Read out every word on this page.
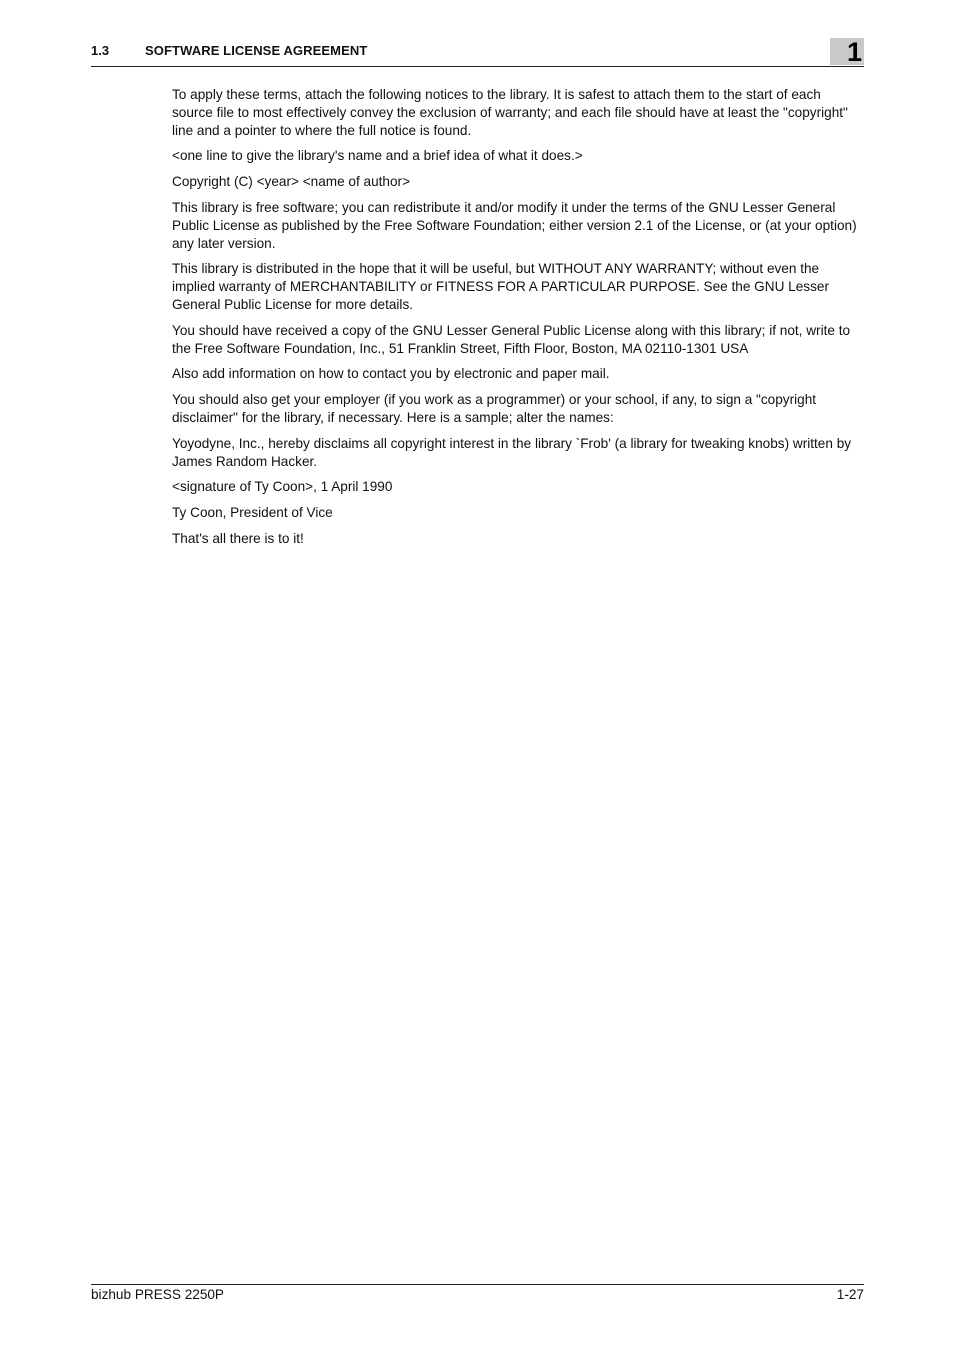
1.3	SOFTWARE LICENSE AGREEMENT	1

To apply these terms, attach the following notices to the library. It is safest to attach them to the start of each source file to most effectively convey the exclusion of warranty; and each file should have at least the "copyright" line and a pointer to where the full notice is found.

<one line to give the library's name and a brief idea of what it does.>

Copyright (C) <year> <name of author>

This library is free software; you can redistribute it and/or modify it under the terms of the GNU Lesser General Public License as published by the Free Software Foundation; either version 2.1 of the License, or (at your option) any later version.

This library is distributed in the hope that it will be useful, but WITHOUT ANY WARRANTY; without even the implied warranty of MERCHANTABILITY or FITNESS FOR A PARTICULAR PURPOSE. See the GNU Lesser General Public License for more details.

You should have received a copy of the GNU Lesser General Public License along with this library; if not, write to the Free Software Foundation, Inc., 51 Franklin Street, Fifth Floor, Boston, MA 02110-1301 USA

Also add information on how to contact you by electronic and paper mail.

You should also get your employer (if you work as a programmer) or your school, if any, to sign a "copyright disclaimer" for the library, if necessary. Here is a sample; alter the names:

Yoyodyne, Inc., hereby disclaims all copyright interest in the library `Frob' (a library for tweaking knobs) written by James Random Hacker.

<signature of Ty Coon>, 1 April 1990

Ty Coon, President of Vice

That's all there is to it!

bizhub PRESS 2250P	1-27
